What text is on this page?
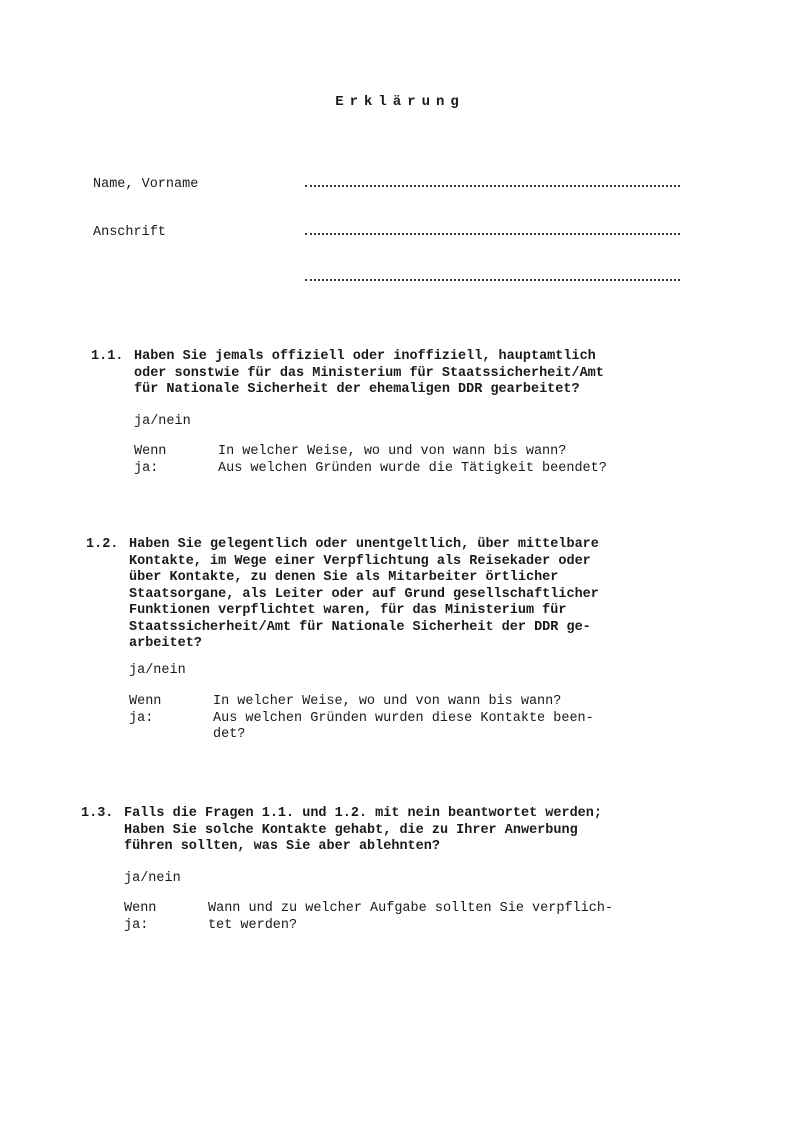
Erklärung
Name, Vorname
Anschrift
1.1. Haben Sie jemals offiziell oder inoffiziell, hauptamtlich
oder sonstwie für das Ministerium für Staatssicherheit/Amt
für Nationale Sicherheit der ehemaligen DDR gearbeitet?
ja/nein
Wenn ja:
In welcher Weise, wo und von wann bis wann?
Aus welchen Gründen wurde die Tätigkeit beendet?
1.2. Haben Sie gelegentlich oder unentgeltlich, über mittelbare
Kontakte, im Wege einer Verpflichtung als Reisekader oder
über Kontakte, zu denen Sie als Mitarbeiter örtlicher
Staatsorgane, als Leiter oder auf Grund gesellschaftlicher
Funktionen verpflichtet waren, für das Ministerium für
Staatssicherheit/Amt für Nationale Sicherheit der DDR ge-
arbeitet?
ja/nein
Wenn ja:
In welcher Weise, wo und von wann bis wann?
Aus welchen Gründen wurden diese Kontakte been-
det?
1.3. Falls die Fragen 1.1. und 1.2. mit nein beantwortet werden;
Haben Sie solche Kontakte gehabt, die zu Ihrer Anwerbung
führen sollten, was Sie aber ablehnten?
ja/nein
Wenn ja:
Wann und zu welcher Aufgabe sollten Sie verpflich-
tet werden?
